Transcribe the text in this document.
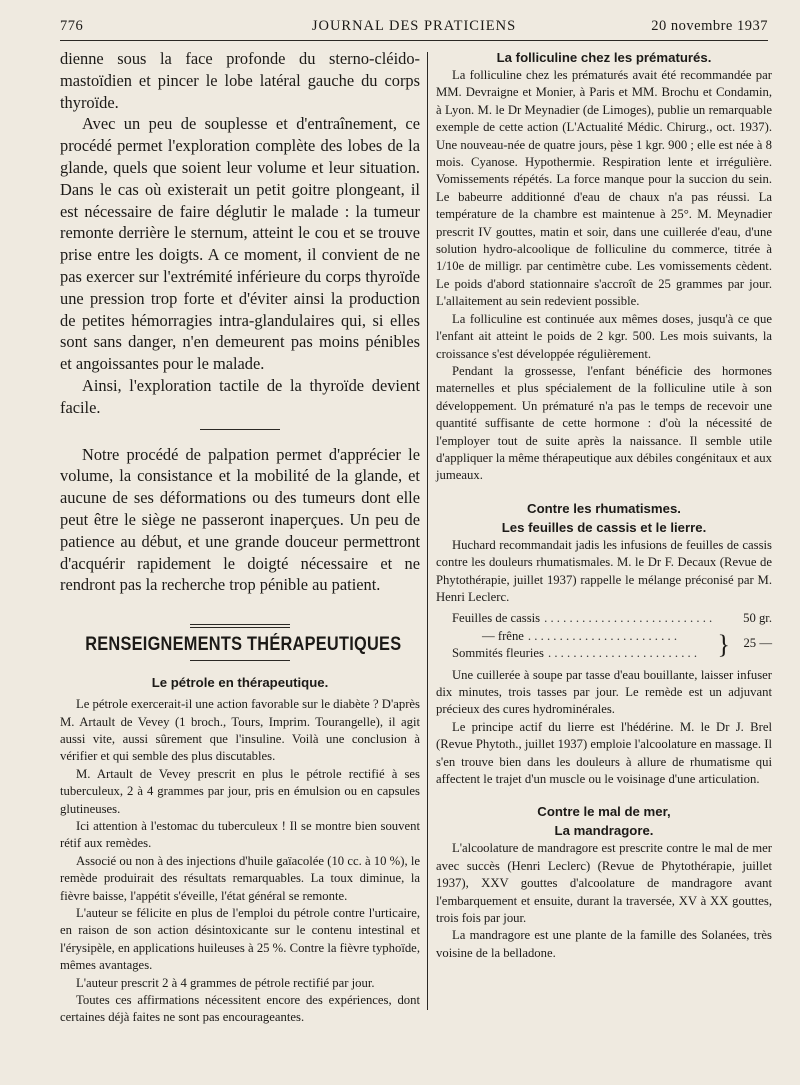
776	JOURNAL DES PRATICIENS	20 novembre 1937

dienne sous la face profonde du sterno-cléido-mastoïdien et pincer le lobe latéral gauche du corps thyroïde.

Avec un peu de souplesse et d'entraînement, ce procédé permet l'exploration complète des lobes de la glande, quels que soient leur volume et leur situation. Dans le cas où existerait un petit goitre plongeant, il est nécessaire de faire déglutir le malade : la tumeur remonte derrière le sternum, atteint le cou et se trouve prise entre les doigts. A ce moment, il convient de ne pas exercer sur l'extrémité inférieure du corps thyroïde une pression trop forte et d'éviter ainsi la production de petites hémorragies intra-glandulaires qui, si elles sont sans danger, n'en demeurent pas moins pénibles et angoissantes pour le malade.

Ainsi, l'exploration tactile de la thyroïde devient facile.

Notre procédé de palpation permet d'apprécier le volume, la consistance et la mobilité de la glande, et aucune de ses déformations ou des tumeurs dont elle peut être le siège ne passeront inaperçues. Un peu de patience au début, et une grande douceur permettront d'acquérir rapidement le doigté nécessaire et ne rendront pas la recherche trop pénible au patient.

RENSEIGNEMENTS THÉRAPEUTIQUES
Le pétrole en thérapeutique.

Le pétrole exercerait-il une action favorable sur le diabète ? D'après M. Artault de Vevey (1 broch., Tours, Imprim. Tourangelle), il agit aussi vite, aussi sûrement que l'insuline. Voilà une conclusion à vérifier et qui semble des plus discutables.

M. Artault de Vevey prescrit en plus le pétrole rectifié à ses tuberculeux, 2 à 4 grammes par jour, pris en émulsion ou en capsules glutineuses.

Ici attention à l'estomac du tuberculeux ! Il se montre bien souvent rétif aux remèdes.

Associé ou non à des injections d'huile gaïacolée (10 cc. à 10 %), le remède produirait des résultats remarquables. La toux diminue, la fièvre baisse, l'appétit s'éveille, l'état général se remonte.

L'auteur se félicite en plus de l'emploi du pétrole contre l'urticaire, en raison de son action désintoxicante sur le contenu intestinal et l'érysipèle, en applications huileuses à 25 %. Contre la fièvre typhoïde, mêmes avantages.

L'auteur prescrit 2 à 4 grammes de pétrole rectifié par jour.

Toutes ces affirmations nécessitent encore des expériences, dont certaines déjà faites ne sont pas encourageantes.

La folliculine chez les prématurés.

La folliculine chez les prématurés avait été recommandée par MM. Devraigne et Monier, à Paris et MM. Brochu et Condamin, à Lyon. M. le Dr Meynadier (de Limoges), publie un remarquable exemple de cette action (L'Actualité Médic. Chirurg., oct. 1937). Une nouveau-née de quatre jours, pèse 1 kgr. 900 ; elle est née à 8 mois. Cyanose. Hypothermie. Respiration lente et irrégulière. Vomissements répétés. La force manque pour la succion du sein. Le babeurre additionné d'eau de chaux n'a pas réussi. La température de la chambre est maintenue à 25°. M. Meynadier prescrit IV gouttes, matin et soir, dans une cuillerée d'eau, d'une solution hydro-alcoolique de folliculine du commerce, titrée à 1/10e de milligr. par centimètre cube. Les vomissements cèdent. Le poids d'abord stationnaire s'accroît de 25 grammes par jour. L'allaitement au sein redevient possible.

La folliculine est continuée aux mêmes doses, jusqu'à ce que l'enfant ait atteint le poids de 2 kgr. 500. Les mois suivants, la croissance s'est développée régulièrement.

Pendant la grossesse, l'enfant bénéficie des hormones maternelles et plus spécialement de la folliculine utile à son développement. Un prématuré n'a pas le temps de recevoir une quantité suffisante de cette hormone : d'où la nécessité de l'employer tout de suite après la naissance. Il semble utile d'appliquer la même thérapeutique aux débiles congénitaux et aux jumeaux.

Contre les rhumatismes.
Les feuilles de cassis et le lierre.

Huchard recommandait jadis les infusions de feuilles de cassis contre les douleurs rhumatismales. M. le Dr F. Decaux (Revue de Phytothérapie, juillet 1937) rappelle le mélange préconisé par M. Henri Leclerc.

Feuilles de cassis . . . . . . . . . . . . . . . . . . . . . . . . . . .	50 gr.
— frêne . . . . . . . . . . . . . . . . . . . . . . . .
Sommités fleuries . . . . . . . . . . . . . . . . . . . . . . . . } 25 —

Une cuillerée à soupe par tasse d'eau bouillante, laisser infuser dix minutes, trois tasses par jour. Le remède est un adjuvant précieux des cures hydrominérales.

Le principe actif du lierre est l'hédérine. M. le Dr J. Brel (Revue Phytoth., juillet 1937) emploie l'alcoolature en massage. Il s'en trouve bien dans les douleurs à allure de rhumatisme qui affectent le trajet d'un muscle ou le voisinage d'une articulation.

Contre le mal de mer,
La mandragore.

L'alcoolature de mandragore est prescrite contre le mal de mer avec succès (Henri Leclerc) (Revue de Phytothérapie, juillet 1937), XXV gouttes d'alcoolature de mandragore avant l'embarquement et ensuite, durant la traversée, XV à XX gouttes, trois fois par jour.

La mandragore est une plante de la famille des Solanées, très voisine de la belladone.
